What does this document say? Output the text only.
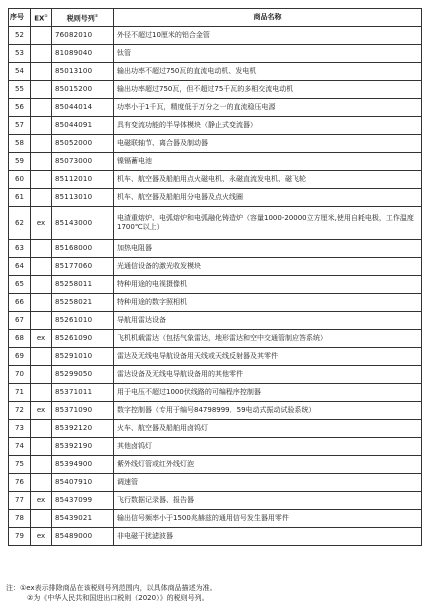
序号	EX①	税则号列②	商品名称
52		76082010	外径不超过10厘米的铝合金管
53		81089040	钛管
54		85013100	输出功率不超过750瓦的直流电动机、发电机
55		85015200	输出功率超过750瓦，但不超过75千瓦的多相交流电动机
56		85044014	功率小于1千瓦，精度低于万分之一的直流稳压电源
57		85044091	具有变流功能的半导体模块（静止式变流器）
58		85052000	电磁联轴节、离合器及制动器
59		85073000	镍镉蓄电池
60		85112010	机车、航空器及船舶用点火磁电机、永磁直流发电机、磁飞轮
61		85113010	机车、航空器及船舶用分电器及点火线圈
62	ex	85143000	电渣重熔炉、电弧熔炉和电弧融化铸造炉（容量1000-20000立方厘米,使用自耗电极，工作温度1700℃以上）
63		85168000	加热电阻器
64		85177060	光通信设备的激光收发模块
65		85258011	特种用途的电视摄像机
66		85258021	特种用途的数字照相机
67		85261010	导航用雷达设备
68	ex	85261090	飞机机载雷达（包括气象雷达，地形雷达和空中交通管制应答系统）
69		85291010	雷达及无线电导航设备用天线或天线反射器及其零件
70		85299050	雷达设备及无线电导航设备用的其他零件
71		85371011	用于电压不超过1000伏线路的可编程序控制器
72	ex	85371090	数字控制器（专用于编号84798999．59电动式振动试验系统）
73		85392120	火车、航空器及船舶用卤钨灯
74		85392190	其他卤钨灯
75		85394900	紫外线灯管或红外线灯泡
76		85407910	调速管
77	ex	85437099	飞行数据记录器、报告器
78		85439021	输出信号频率小于1500兆赫兹的通用信号发生器用零件
79	ex	85489000	非电磁干扰滤波器
注：①ex表示排除商品在该税则号列范围内，以具体商品描述为准。
②为《中华人民共和国进出口税则（2020）》的税则号列。
